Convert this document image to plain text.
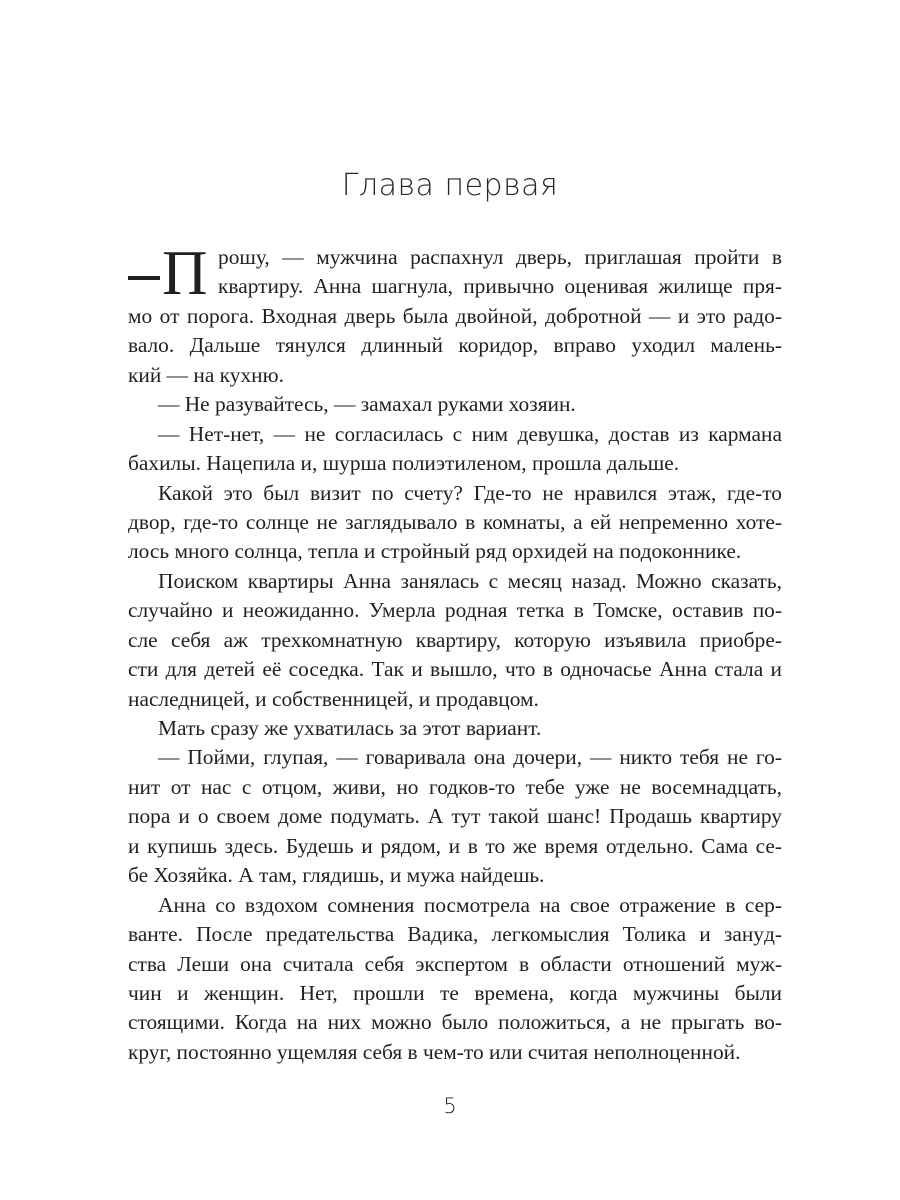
Глава первая
П рошу, — мужчина распахнул дверь, приглашая пройти в
квартиру. Анна шагнула, привычно оценивая жилище пря-
мо от порога. Входная дверь была двойной, добротной — и это радо-
вало. Дальше тянулся длинный коридор, вправо уходил малень-
кий — на кухню.
— Не разувайтесь, — замахал руками хозяин.
— Нет-нет, — не согласилась с ним девушка, достав из кармана
бахилы. Нацепила и, шурша полиэтиленом, прошла дальше.
Какой это был визит по счету? Где-то не нравился этаж, где-то
двор, где-то солнце не заглядывало в комнаты, а ей непременно хоте-
лось много солнца, тепла и стройный ряд орхидей на подоконнике.
Поиском квартиры Анна занялась с месяц назад. Можно сказать,
случайно и неожиданно. Умерла родная тетка в Томске, оставив по-
сле себя аж трехкомнатную квартиру, которую изъявила приобре-
сти для детей её соседка. Так и вышло, что в одночасье Анна стала и
наследницей, и собственницей, и продавцом.
Мать сразу же ухватилась за этот вариант.
— Пойми, глупая, — говаривала она дочери, — никто тебя не го-
нит от нас с отцом, живи, но годков-то тебе уже не восемнадцать,
пора и о своем доме подумать. А тут такой шанс! Продашь квартиру
и купишь здесь. Будешь и рядом, и в то же время отдельно. Сама се-
бе Хозяйка. А там, глядишь, и мужа найдешь.
Анна со вздохом сомнения посмотрела на свое отражение в сер-
ванте. После предательства Вадика, легкомыслия Толика и занyд-
ства Леши она считала себя экспертом в области отношений муж-
чин и женщин. Нет, прошли те времена, когда мужчины были
стоящими. Когда на них можно было положиться, а не прыгать во-
круг, постоянно ущемляя себя в чем-то или считая неполноценной.
5
